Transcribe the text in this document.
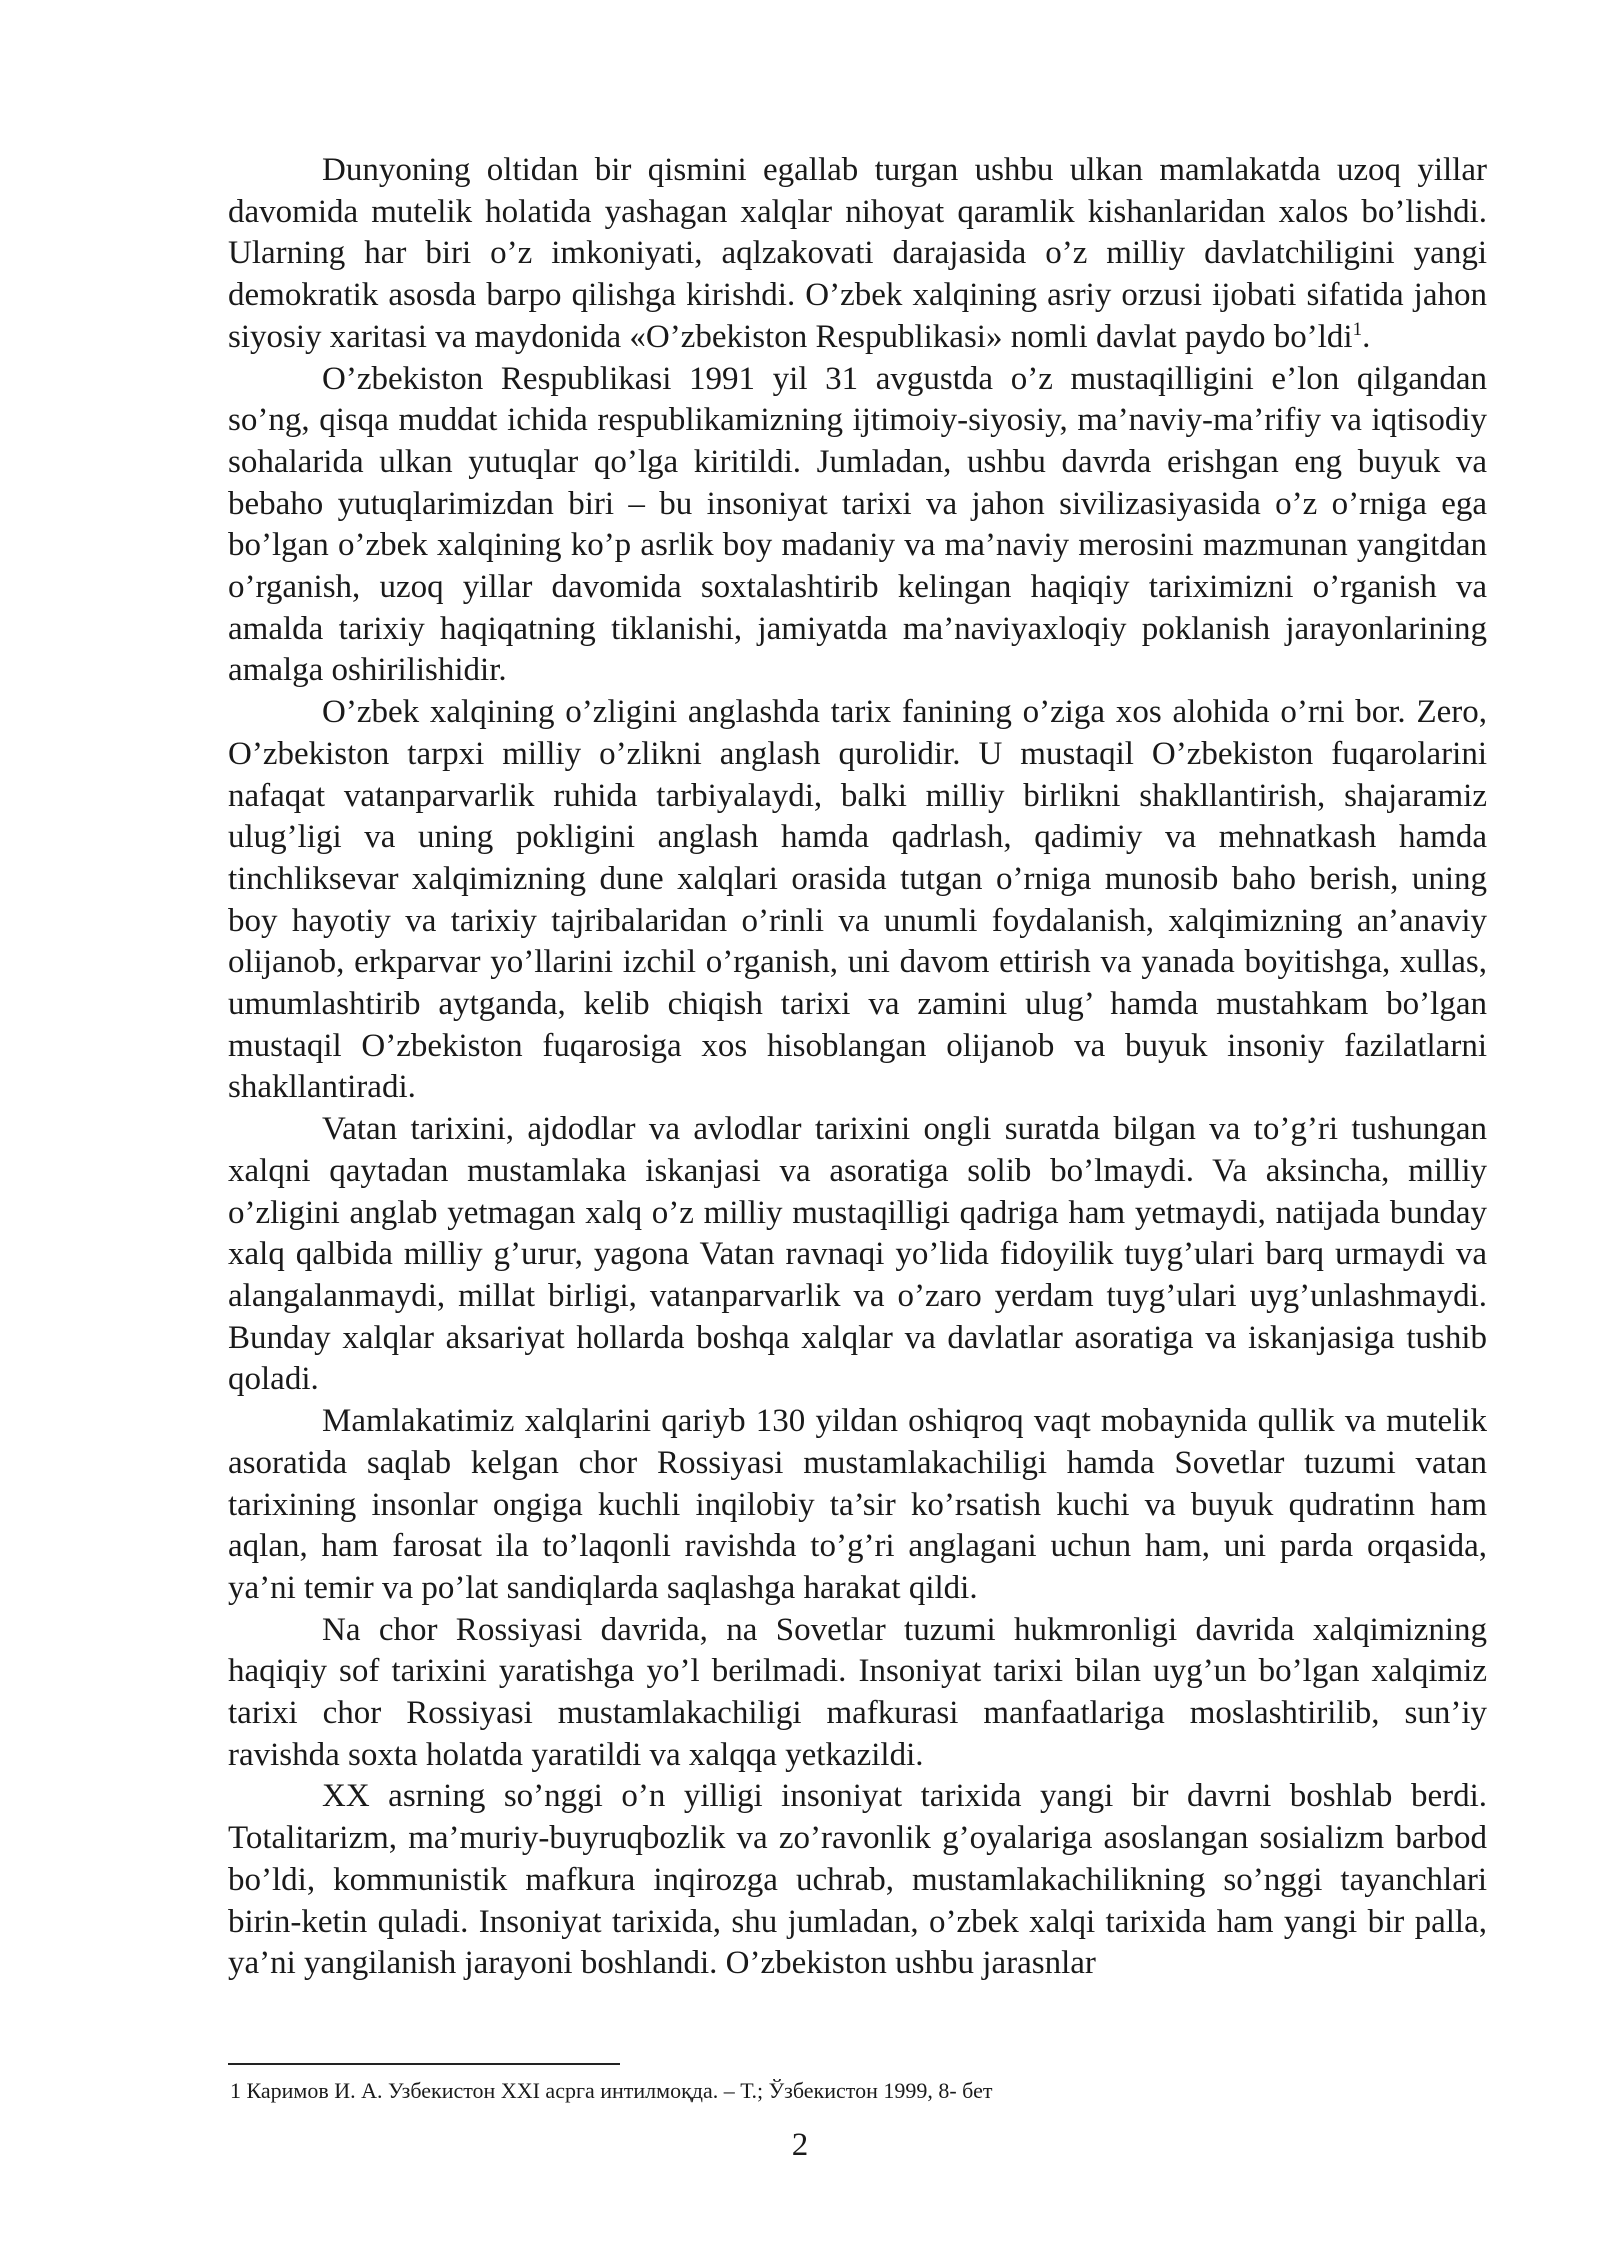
Dunyoning oltidan bir qismini egallab turgan ushbu ulkan mamlakatda uzoq yillar davomida mutelik holatida yashagan xalqlar nihoyat qaramlik kishanlaridan xalos bo’lishdi. Ularning har biri o’z imkoniyati, aqlzakovati darajasida o’z milliy davlatchiligini yangi demokratik asosda barpo qilishga kirishdi. O’zbek xalqining asriy orzusi ijobati sifatida jahon siyosiy xaritasi va maydonida «O’zbekiston Respublikasi» nomli davlat paydo bo’ldi$^1$.

O’zbekiston Respublikasi 1991 yil 31 avgustda o’z mustaqilligini e’lon qilgandan so’ng, qisqa muddat ichida respublikamizning ijtimoiy-siyosiy, ma’naviy-ma’rifiy va iqtisodiy sohalarida ulkan yutuqlar qo’lga kiritildi. Jumladan, ushbu davrda erishgan eng buyuk va bebaho yutuqlarimizdan biri – bu insoniyat tarixi va jahon sivilizasiyasida o’z o’rniga ega bo’lgan o’zbek xalqining ko’p asrlik boy madaniy va ma’naviy merosini mazmunan yangitdan o’rganish, uzoq yillar davomida soxtalashtirib kelingan haqiqiy tariximizni o’rganish va amalda tarixiy haqiqatning tiklanishi, jamiyatda ma’naviyaxloqiy poklanish jarayonlarining amalga oshirilishidir.

O’zbek xalqining o’zligini anglashda tarix fanining o’ziga xos alohida o’rni bor. Zero, O’zbekiston tarpxi milliy o’zlikni anglash qurolidir. U mustaqil O’zbekiston fuqarolarini nafaqat vatanparvarlik ruhida tarbiyalaydi, balki milliy birlikni shakllantirish, shajaramiz ulug’ligi va uning pokligini anglash hamda qadrlash, qadimiy va mehnatkash hamda tinchliksevar xalqimizning dune xalqlari orasida tutgan o’rniga munosib baho berish, uning boy hayotiy va tarixiy tajribalaridan o’rinli va unumli foydalanish, xalqimizning an’anaviy olijanob, erkparvar yo’llarini izchil o’rganish, uni davom ettirish va yanada boyitishga, xullas, umumlashtirib aytganda, kelib chiqish tarixi va zamini ulug’ hamda mustahkam bo’lgan mustaqil O’zbekiston fuqarosiga xos hisoblangan olijanob va buyuk insoniy fazilatlarni shakllantiradi.

Vatan tarixini, ajdodlar va avlodlar tarixini ongli suratda bilgan va to’g’ri tushungan xalqni qaytadan mustamlaka iskanjasi va asoratiga solib bo’lmaydi. Va aksincha, milliy o’zligini anglab yetmagan xalq o’z milliy mustaqilligi qadriga ham yetmaydi, natijada bunday xalq qalbida milliy g’urur, yagona Vatan ravnaqi yo’lida fidoyilik tuyg’ulari barq urmaydi va alangalanmaydi, millat birligi, vatanparvarlik va o’zaro yerdam tuyg’ulari uyg’unlashmaydi. Bunday xalqlar aksariyat hollarda boshqa xalqlar va davlatlar asoratiga va iskanjasiga tushib qoladi.

Mamlakatimiz xalqlarini qariyb 130 yildan oshiqroq vaqt mobaynida qullik va mutelik asoratida saqlab kelgan chor Rossiyasi mustamlakachiligi hamda Sovetlar tuzumi vatan tarixining insonlar ongiga kuchli inqilobiy ta’sir ko’rsatish kuchi va buyuk qudratinn ham aqlan, ham farosat ila to’laqonli ravishda to’g’ri anglagani uchun ham, uni parda orqasida, ya’ni temir va po’lat sandiqlarda saqlashga harakat qildi.

Na chor Rossiyasi davrida, na Sovetlar tuzumi hukmronligi davrida xalqimizning haqiqiy sof tarixini yaratishga yo’l berilmadi. Insoniyat tarixi bilan uyg’un bo’lgan xalqimiz tarixi chor Rossiyasi mustamlakachiligi mafkurasi manfaatlariga moslashtirilib, sun’iy ravishda soxta holatda yaratildi va xalqqa yetkazildi.

XX asrning so’nggi o’n yilligi insoniyat tarixida yangi bir davrni boshlab berdi. Totalitarizm, ma’muriy-buyruqbozlik va zo’ravonlik g’oyalariga asoslangan sosializm barbod bo’ldi, kommunistik mafkura inqirozga uchrab, mustamlakachilikning so’nggi tayanchlari birin-ketin quladi. Insoniyat tarixida, shu jumladan, o’zbek xalqi tarixida ham yangi bir palla, ya’ni yangilanish jarayoni boshlandi. O’zbekiston ushbu jarasnlar

1 Каримов И. А. Узбекистон XXI асрга интилмоқда. – Т.; Ўзбекистон 1999, 8- бет
2
